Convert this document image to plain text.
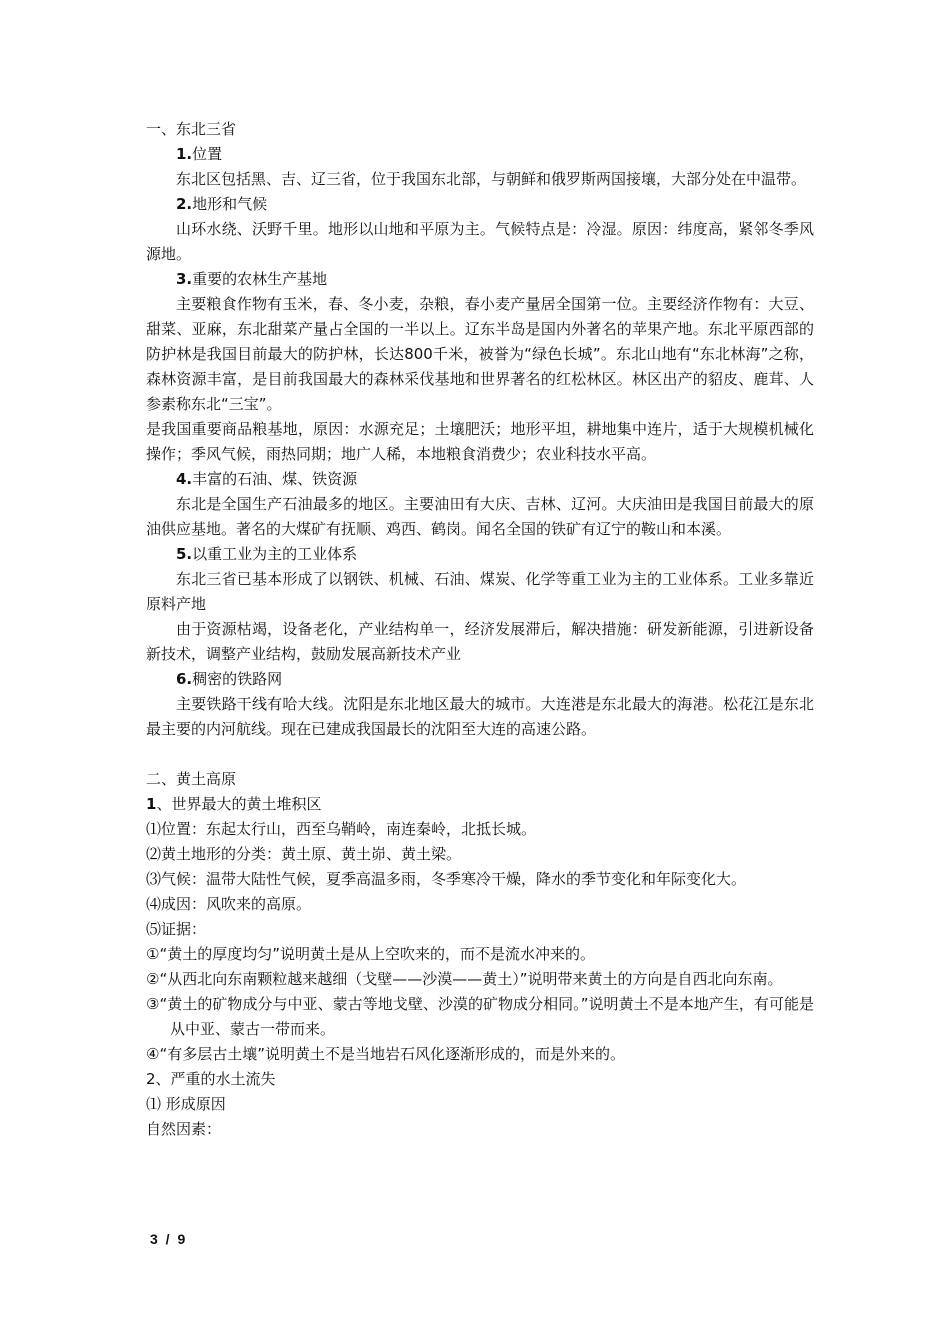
一、东北三省
1.位置

东北区包括黑、吉、辽三省，位于我国东北部，与朝鲜和俄罗斯两国接壤，大部分处在中温带。

2.地形和气候

山环水绕、沃野千里。地形以山地和平原为主。气候特点是：冷湿。原因：纬度高，紧邻冬季风源地。

3.重要的农林生产基地

主要粮食作物有玉米，春、冬小麦，杂粮，春小麦产量居全国第一位。主要经济作物有：大豆、甜菜、亚麻，东北甜菜产量占全国的一半以上。辽东半岛是国内外著名的苹果产地。东北平原西部的防护林是我国目前最大的防护林，长达800千米，被誉为“绿色长城”。东北山地有“东北林海”之称，森林资源丰富，是目前我国最大的森林采伐基地和世界著名的红松林区。林区出产的貂皮、鹿茸、人参素称东北“三宝”。

是我国重要商品粮基地，原因：水源充足；土壤肥沃；地形平坦，耕地集中连片，适于大规模机械化操作；季风气候，雨热同期；地广人稀，本地粮食消费少；农业科技水平高。

4.丰富的石油、煤、铁资源

东北是全国生产石油最多的地区。主要油田有大庆、吉林、辽河。大庆油田是我国目前最大的原油供应基地。著名的大煤矿有抚顺、鸡西、鹤岗。闻名全国的铁矿有辽宁的鞍山和本溪。

5.以重工业为主的工业体系

东北三省已基本形成了以钢铁、机械、石油、煤炭、化学等重工业为主的工业体系。工业多靠近原料产地

由于资源枯竭，设备老化，产业结构单一，经济发展滞后，解决措施：研发新能源，引进新设备新技术，调整产业结构，鼓励发展高新技术产业

6.稠密的铁路网

主要铁路干线有哈大线。沈阳是东北地区最大的城市。大连港是东北最大的海港。松花江是东北最主要的内河航线。现在已建成我国最长的沈阳至大连的高速公路。

二、黄土高原
1、世界最大的黄土堆积区
⑴位置：东起太行山，西至乌鞘岭，南连秦岭，北抵长城。
⑵黄土地形的分类：黄土原、黄土峁、黄土梁。
⑶气候：温带大陆性气候，夏季高温多雨，冬季寒冷干燥，降水的季节变化和年际变化大。
⑷成因：风吹来的高原。
⑸证据：

①“黄土的厚度均匀”说明黄土是从上空吹来的，而不是流水冲来的。

②“从西北向东南颗粒越来越细（戈壁——沙漠——黄土）”说明带来黄土的方向是自西北向东南。

③“黄土的矿物成分与中亚、蒙古等地戈壁、沙漠的矿物成分相同。”说明黄土不是本地产生，有可能是从中亚、蒙古一带而来。

④“有多层古土壤”说明黄土不是当地岩石风化逐渐形成的，而是外来的。

2、严重的水土流失
⑴ 形成原因
自然因素：
3 / 9
